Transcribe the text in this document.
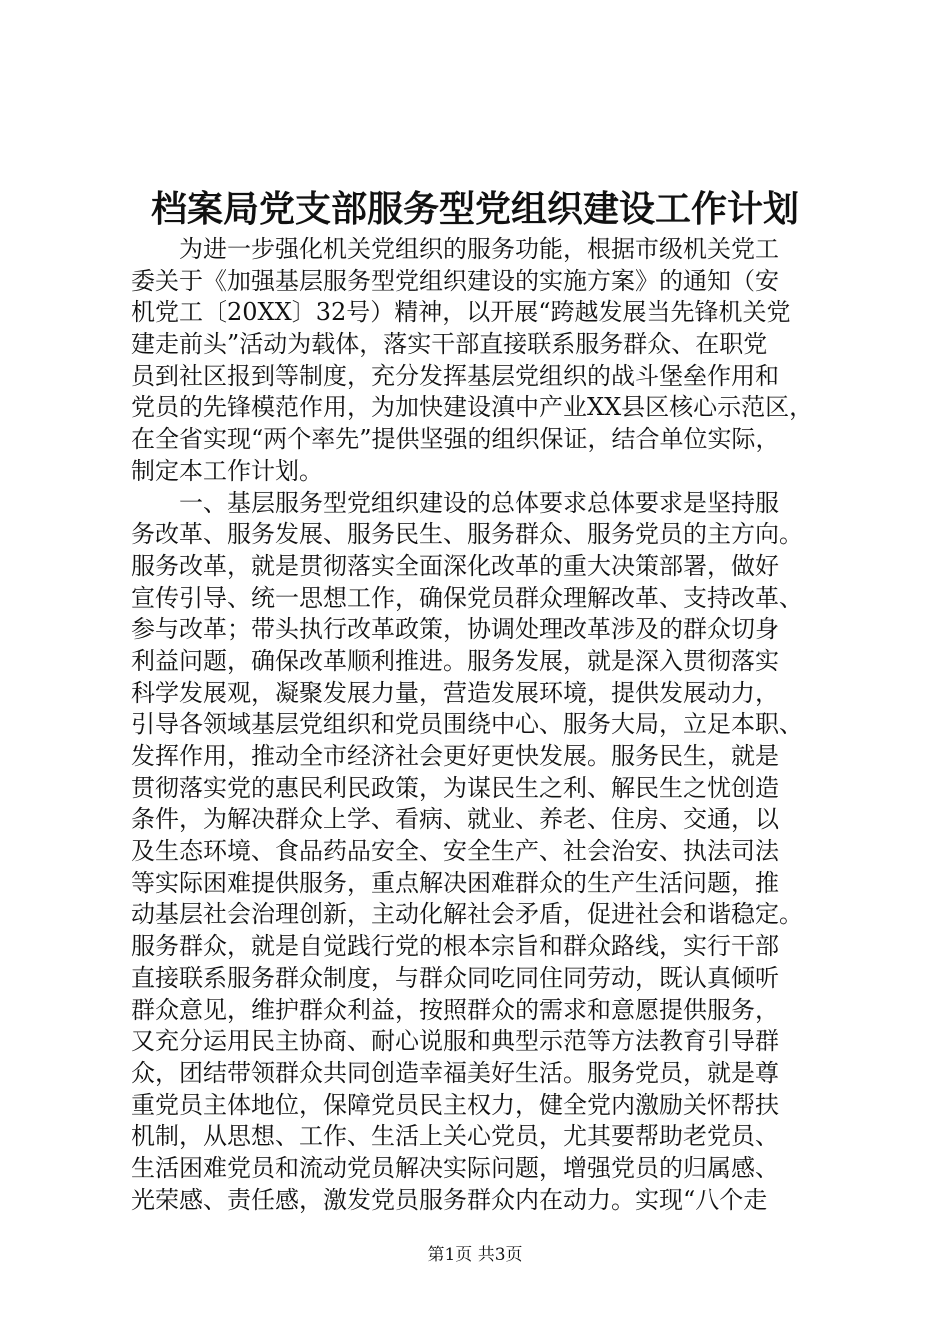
档案局党支部服务型党组织建设工作计划
　　为进一步强化机关党组织的服务功能，根据市级机关党工
委关于《加强基层服务型党组织建设的实施方案》的通知（安
机党工〔20XX〕32号）精神，以开展“跨越发展当先锋机关党
建走前头”活动为载体，落实干部直接联系服务群众、在职党
员到社区报到等制度，充分发挥基层党组织的战斗堡垒作用和
党员的先锋模范作用，为加快建设滇中产业XX县区核心示范区，
在全省实现“两个率先”提供坚强的组织保证，结合单位实际，
制定本工作计划。
　　一、基层服务型党组织建设的总体要求总体要求是坚持服
务改革、服务发展、服务民生、服务群众、服务党员的主方向。
服务改革，就是贯彻落实全面深化改革的重大决策部署，做好
宣传引导、统一思想工作，确保党员群众理解改革、支持改革、
参与改革；带头执行改革政策，协调处理改革涉及的群众切身
利益问题，确保改革顺利推进。服务发展，就是深入贯彻落实
科学发展观，凝聚发展力量，营造发展环境，提供发展动力，
引导各领域基层党组织和党员围绕中心、服务大局，立足本职、
发挥作用，推动全市经济社会更好更快发展。服务民生，就是
贯彻落实党的惠民利民政策，为谋民生之利、解民生之忧创造
条件，为解决群众上学、看病、就业、养老、住房、交通，以
及生态环境、食品药品安全、安全生产、社会治安、执法司法
等实际困难提供服务，重点解决困难群众的生产生活问题，推
动基层社会治理创新，主动化解社会矛盾，促进社会和谐稳定。
服务群众，就是自觉践行党的根本宗旨和群众路线，实行干部
直接联系服务群众制度，与群众同吃同住同劳动，既认真倾听
群众意见，维护群众利益，按照群众的需求和意愿提供服务，
又充分运用民主协商、耐心说服和典型示范等方法教育引导群
众，团结带领群众共同创造幸福美好生活。服务党员，就是尊
重党员主体地位，保障党员民主权力，健全党内激励关怀帮扶
机制，从思想、工作、生活上关心党员，尤其要帮助老党员、
生活困难党员和流动党员解决实际问题，增强党员的归属感、
光荣感、责任感，激发党员服务群众内在动力。实现“八个走
第1页 共3页
